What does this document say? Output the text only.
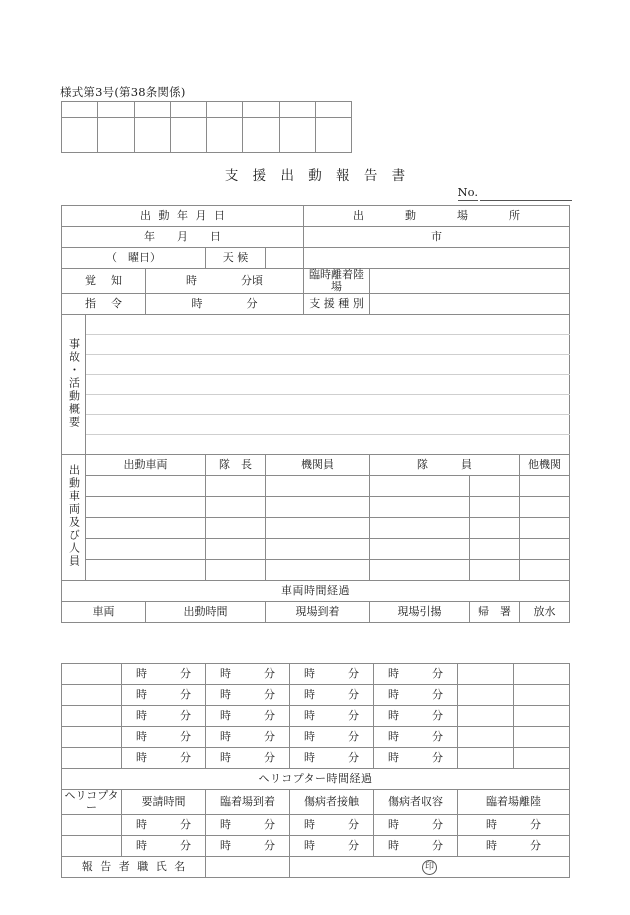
様式第3号(第38条関係)

支 援 出 動 報 告 書
No.
出 動 年 月 日					出　　　動　　　場　　　所			
年　　月　　日					市			
（　曜日）			天 候					
覚　知		時　　　　分頃			臨時離着陸場			
指　令		時　　　　分			支 援 種 別			
事故・活動概要								

出動車両及び人員	出動車両		隊　長	機関員		隊　　　員		他機関

車両時間経過								
車両		出動時間		現場到着		現場引揚	帰　署	放水
	時　　　分	時　　　分	時　　　分	時　　　分		
	時　　　分	時　　　分	時　　　分	時　　　分		
	時　　　分	時　　　分	時　　　分	時　　　分		
	時　　　分	時　　　分	時　　　分	時　　　分		
	時　　　分	時　　　分	時　　　分	時　　　分		
ヘリコプター時間経過						
ヘリコプター	要請時間	臨着場到着	傷病者接触	傷病者収容	臨着場離陸	
	時　　　分	時　　　分	時　　　分	時　　　分	時　　　分	
	時　　　分	時　　　分	時　　　分	時　　　分	時　　　分	
報 告 者 職 氏 名			印			
